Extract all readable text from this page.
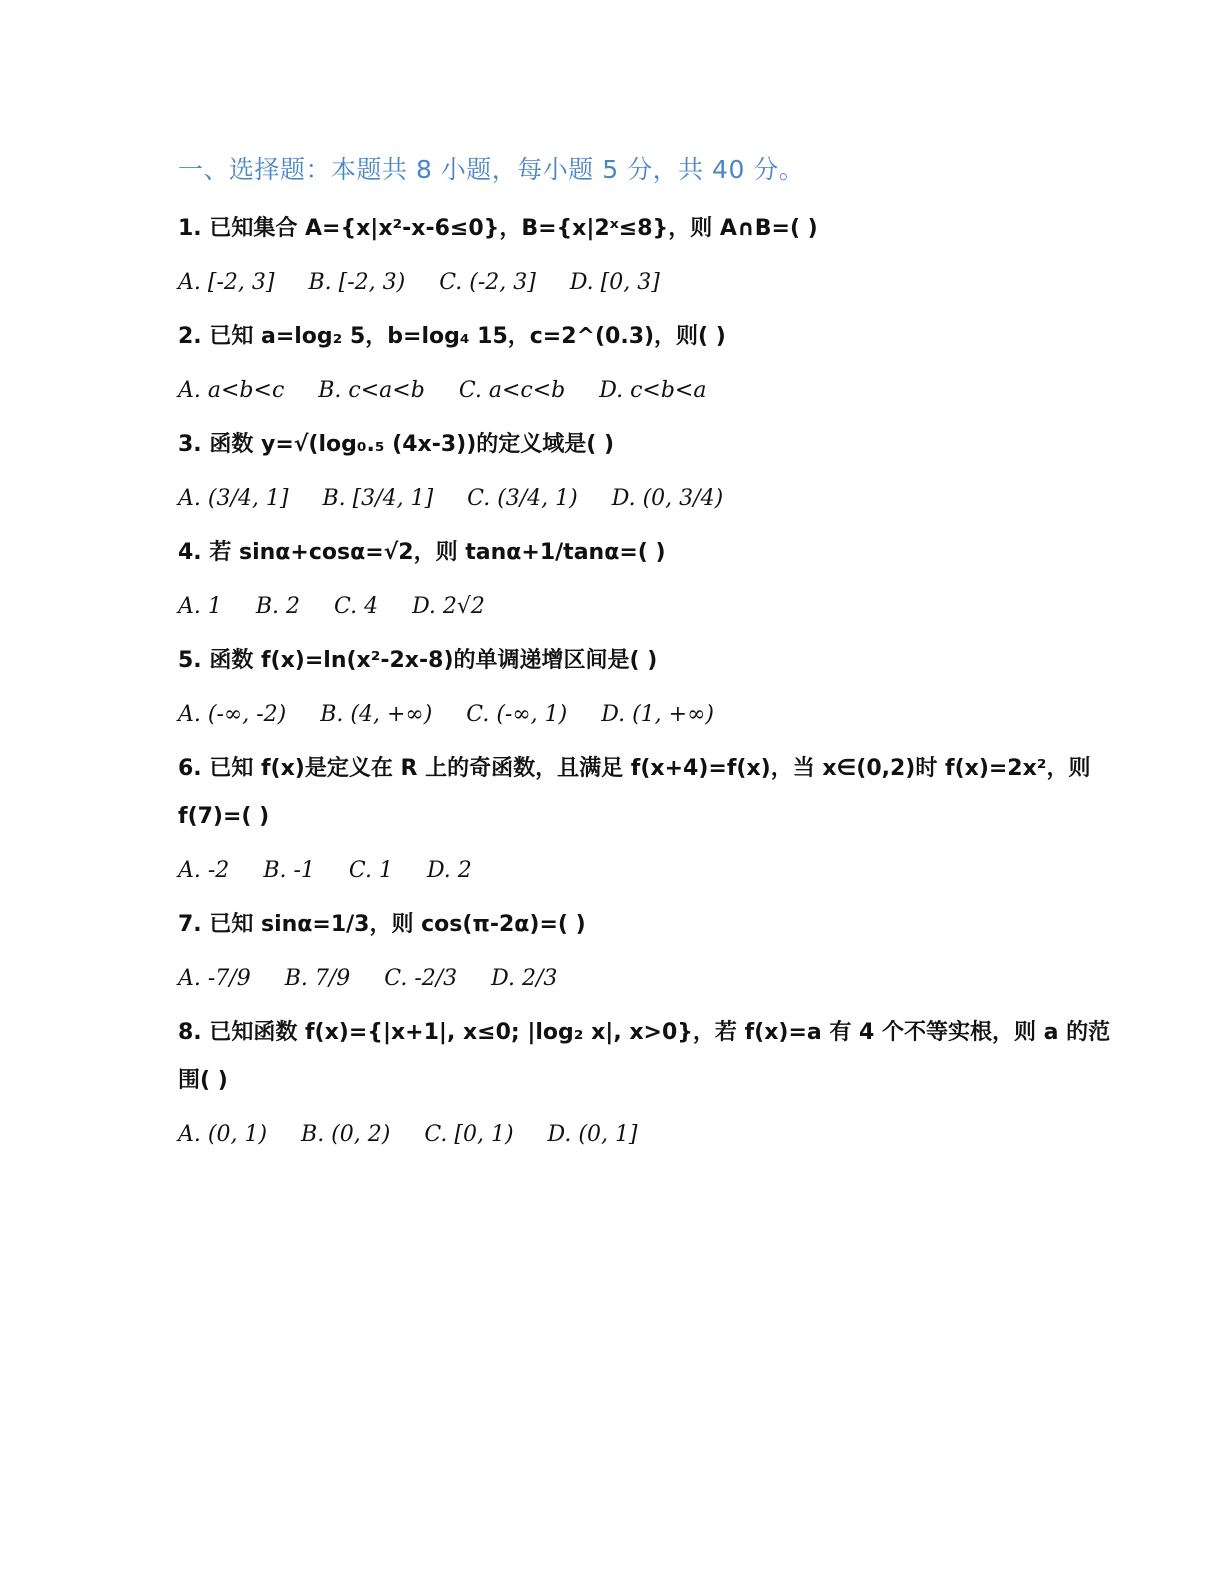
一、选择题：本题共 8 小题，每小题 5 分，共 40 分。
1. 已知集合 A={x|x²-x-6≤0}，B={x|2ˣ≤8}，则 A∩B=( )
A. [-2, 3] B. [-2, 3) C. (-2, 3] D. [0, 3]
2. 已知 a=log₂ 5，b=log₄ 15，c=2^(0.3)，则( )
A. a<b<c B. c<a<b C. a<c<b D. c<b<a
3. 函数 y=√(log₀.₅ (4x-3))的定义域是( )
A. (3/4, 1] B. [3/4, 1] C. (3/4, 1) D. (0, 3/4)
4. 若 sinα+cosα=√2，则 tanα+1/tanα=( )
A. 1 B. 2 C. 4 D. 2√2
5. 函数 f(x)=ln(x²-2x-8)的单调递增区间是( )
A. (-∞, -2) B. (4, +∞) C. (-∞, 1) D. (1, +∞)
6. 已知 f(x)是定义在 R 上的奇函数，且满足 f(x+4)=f(x)，当 x∈(0,2)时 f(x)=2x²，则
f(7)=( )
A. -2 B. -1 C. 1 D. 2
7. 已知 sinα=1/3，则 cos(π-2α)=( )
A. -7/9 B. 7/9 C. -2/3 D. 2/3
8. 已知函数 f(x)={|x+1|, x≤0; |log₂ x|, x>0}，若 f(x)=a 有 4 个不等实根，则 a 的范
围( )
A. (0, 1) B. (0, 2) C. [0, 1) D. (0, 1]
